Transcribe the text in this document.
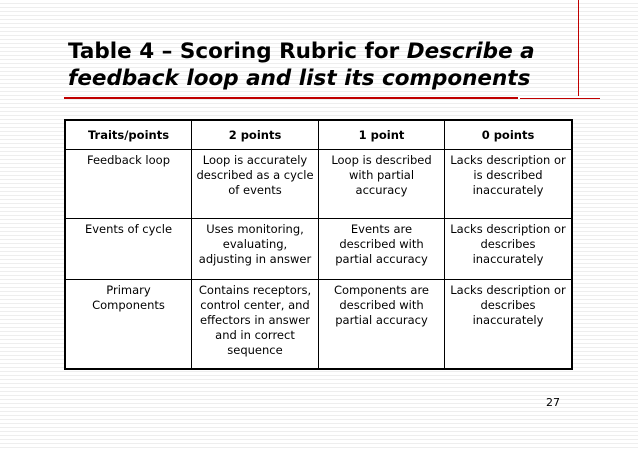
Table 4 – Scoring Rubric for Describe a feedback loop and list its components
Traits/points	2 points	1 point	0 points
Feedback loop	Loop is accurately described as a cycle of events	Loop is described with partial accuracy	Lacks description or is described inaccurately
Events of cycle	Uses monitoring, evaluating, adjusting in answer	Events are described with partial accuracy	Lacks description or describes inaccurately
Primary Components	Contains receptors, control center, and effectors in answer and in correct sequence	Components are described with partial accuracy	Lacks description or describes inaccurately
27
